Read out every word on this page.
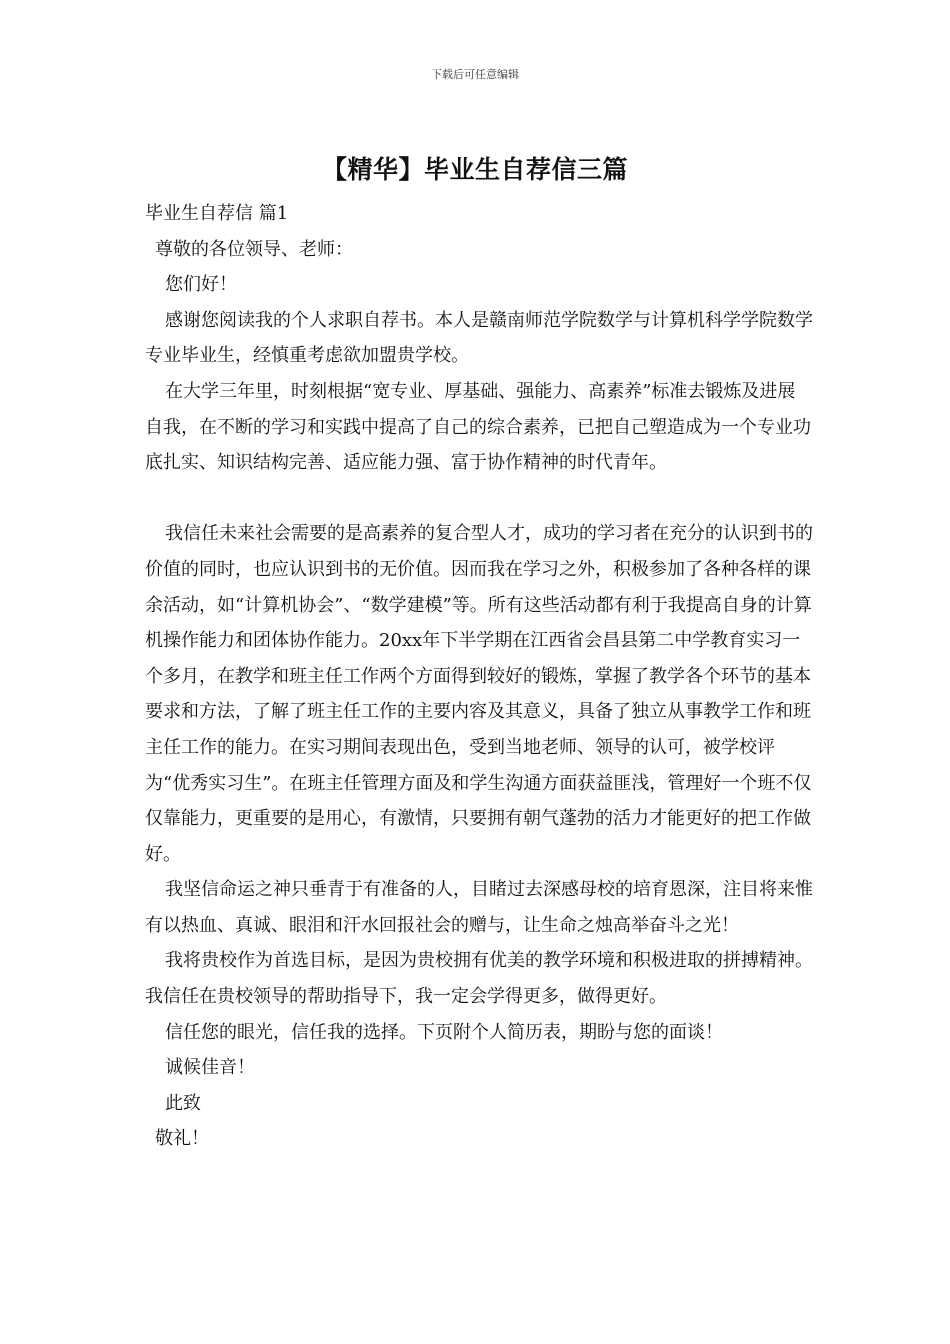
下载后可任意编辑
【精华】毕业生自荐信三篇

毕业生自荐信 篇1

尊敬的各位领导、老师：

您们好！

感谢您阅读我的个人求职自荐书。本人是赣南师范学院数学与计算机科学学院数学专业毕业生，经慎重考虑欲加盟贵学校。

在大学三年里，时刻根据“宽专业、厚基础、强能力、高素养”标准去锻炼及进展自我，在不断的学习和实践中提高了自己的综合素养，已把自己塑造成为一个专业功底扎实、知识结构完善、适应能力强、富于协作精神的时代青年。

我信任未来社会需要的是高素养的复合型人才，成功的学习者在充分的认识到书的价值的同时，也应认识到书的无价值。因而我在学习之外，积极参加了各种各样的课余活动，如“计算机协会”、“数学建模”等。所有这些活动都有利于我提高自身的计算机操作能力和团体协作能力。20xx年下半学期在江西省会昌县第二中学教育实习一个多月，在教学和班主任工作两个方面得到较好的锻炼，掌握了教学各个环节的基本要求和方法，了解了班主任工作的主要内容及其意义，具备了独立从事教学工作和班主任工作的能力。在实习期间表现出色，受到当地老师、领导的认可，被学校评为“优秀实习生”。在班主任管理方面及和学生沟通方面获益匪浅，管理好一个班不仅仅靠能力，更重要的是用心，有激情，只要拥有朝气蓬勃的活力才能更好的把工作做好。

我坚信命运之神只垂青于有准备的人，目睹过去深感母校的培育恩深，注目将来惟有以热血、真诚、眼泪和汗水回报社会的赠与，让生命之烛高举奋斗之光！

我将贵校作为首选目标，是因为贵校拥有优美的教学环境和积极进取的拼搏精神。我信任在贵校领导的帮助指导下，我一定会学得更多，做得更好。

信任您的眼光，信任我的选择。下页附个人简历表，期盼与您的面谈！

诚候佳音！

此致

敬礼！
